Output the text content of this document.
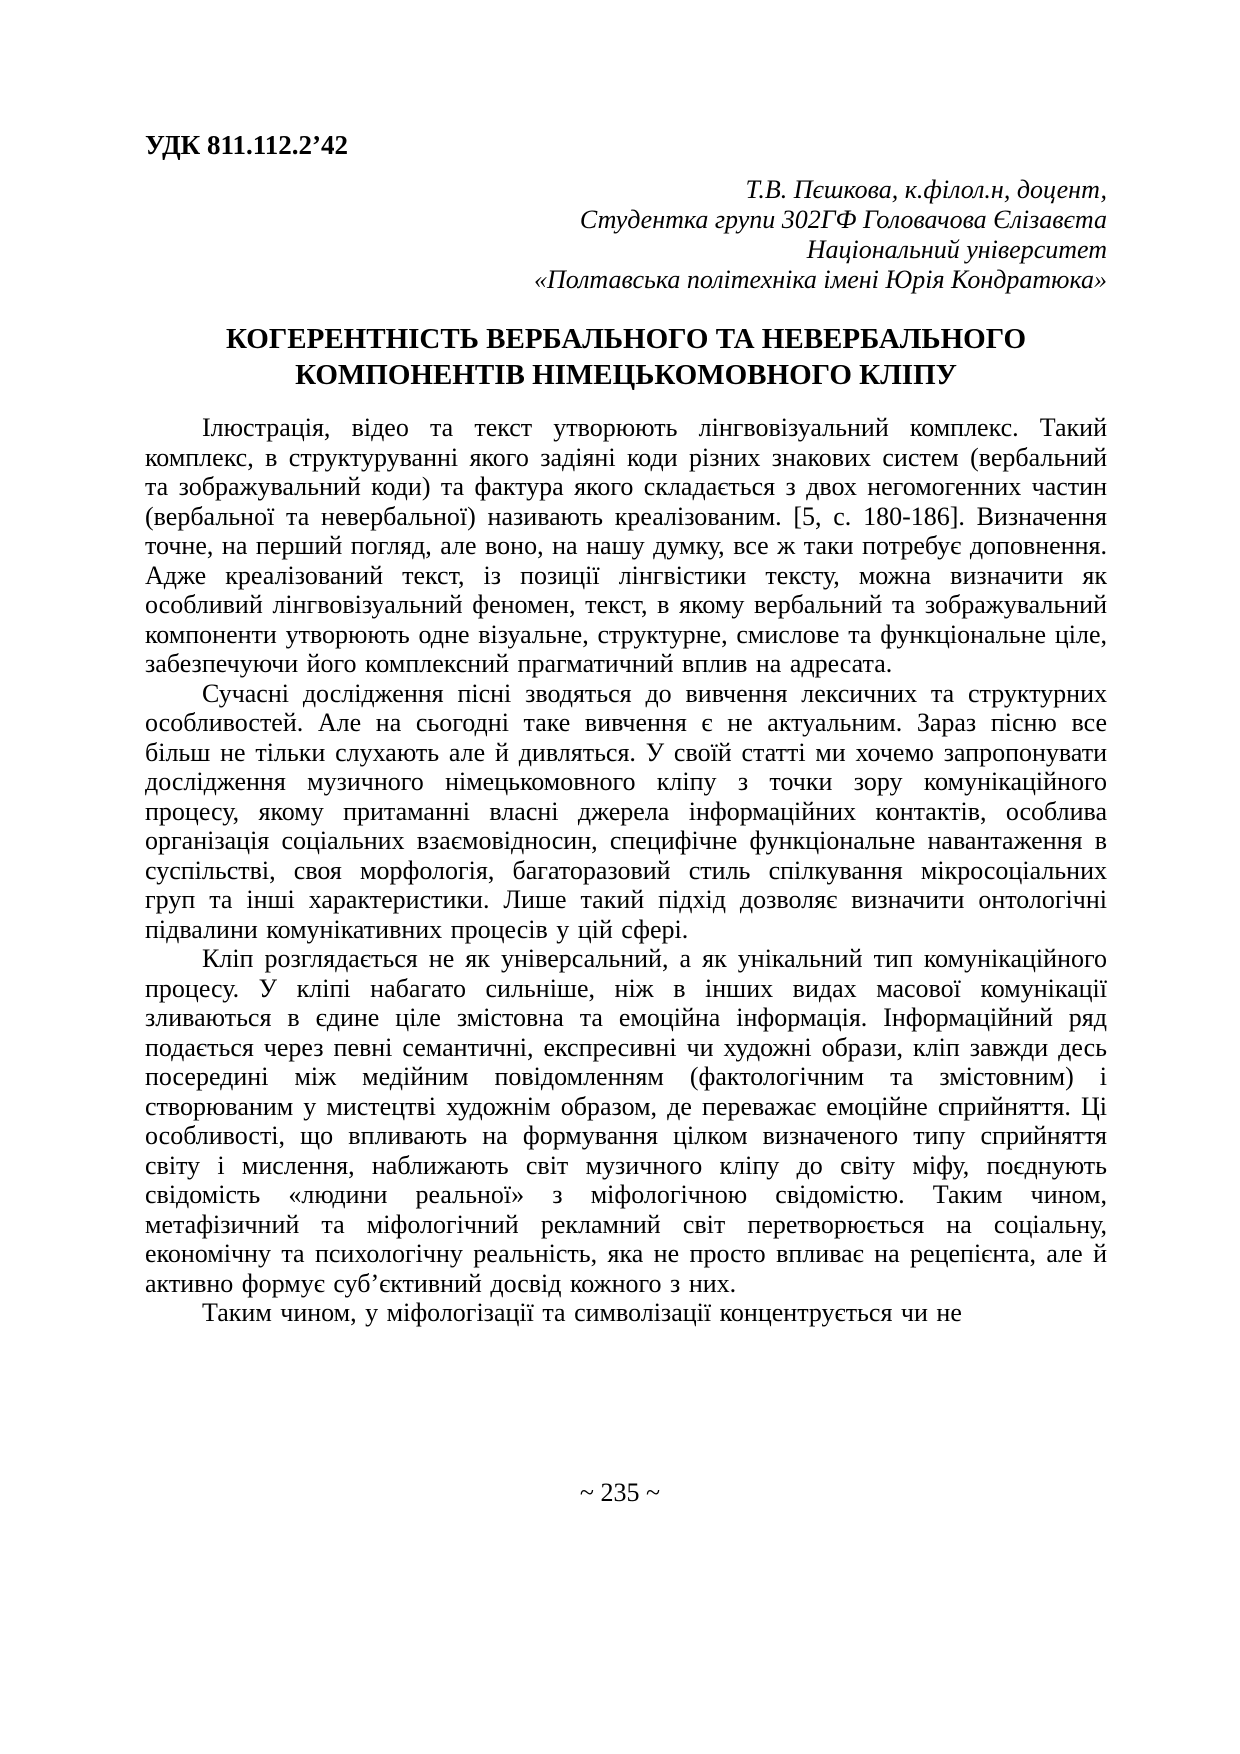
УДК 811.112.2’42
Т.В. Пєшкова, к.філол.н, доцент,
Студентка групи 302ГФ Головачова Єлізавєта
Національний університет
«Полтавська політехніка імені Юрія Кондратюка»
КОГЕРЕНТНІСТЬ ВЕРБАЛЬНОГО ТА НЕВЕРБАЛЬНОГО КОМПОНЕНТІВ НІМЕЦЬКОМОВНОГО КЛІПУ

Ілюстрація, відео та текст утворюють лінгвовізуальний комплекс. Такий комплекс, в структуруванні якого задіяні коди різних знакових систем (вербальний та зображувальний коди) та фактура якого складається з двох негомогенних частин (вербальної та невербальної) називають креалізованим. [5, с. 180-186]. Визначення точне, на перший погляд, але воно, на нашу думку, все ж таки потребує доповнення. Адже креалізований текст, із позиції лінгвістики тексту, можна визначити як особливий лінгвовізуальний феномен, текст, в якому вербальний та зображувальний компоненти утворюють одне візуальне, структурне, смислове та функціональне ціле, забезпечуючи його комплексний прагматичний вплив на адресата.

Сучасні дослідження пісні зводяться до вивчення лексичних та структурних особливостей. Але на сьогодні таке вивчення є не актуальним. Зараз пісню все більш не тільки слухають але й дивляться. У своїй статті ми хочемо запропонувати дослідження музичного німецькомовного кліпу з точки зору комунікаційного процесу, якому притаманні власні джерела інформаційних контактів, особлива організація соціальних взаємовідносин, специфічне функціональне навантаження в суспільстві, своя морфологія, багаторазовий стиль спілкування мікросоціальних груп та інші характеристики. Лише такий підхід дозволяє визначити онтологічні підвалини комунікативних процесів у цій сфері.

Кліп розглядається не як універсальний, а як унікальний тип комунікаційного процесу. У кліпі набагато сильніше, ніж в інших видах масової комунікації зливаються в єдине ціле змістовна та емоційна інформація. Інформаційний ряд подається через певні семантичні, експресивні чи художні образи, кліп завжди десь посередині між медійним повідомленням (фактологічним та змістовним) і створюваним у мистецтві художнім образом, де переважає емоційне сприйняття. Ці особливості, що впливають на формування цілком визначеного типу сприйняття світу і мислення, наближають світ музичного кліпу до світу міфу, поєднують свідомість «людини реальної» з міфологічною свідомістю. Таким чином, метафізичний та міфологічний рекламний світ перетворюється на соціальну, економічну та психологічну реальність, яка не просто впливає на рецепієнта, але й активно формує суб’єктивний досвід кожного з них.

Таким чином, у міфологізації та символізації концентрується чи не

~ 235 ~
